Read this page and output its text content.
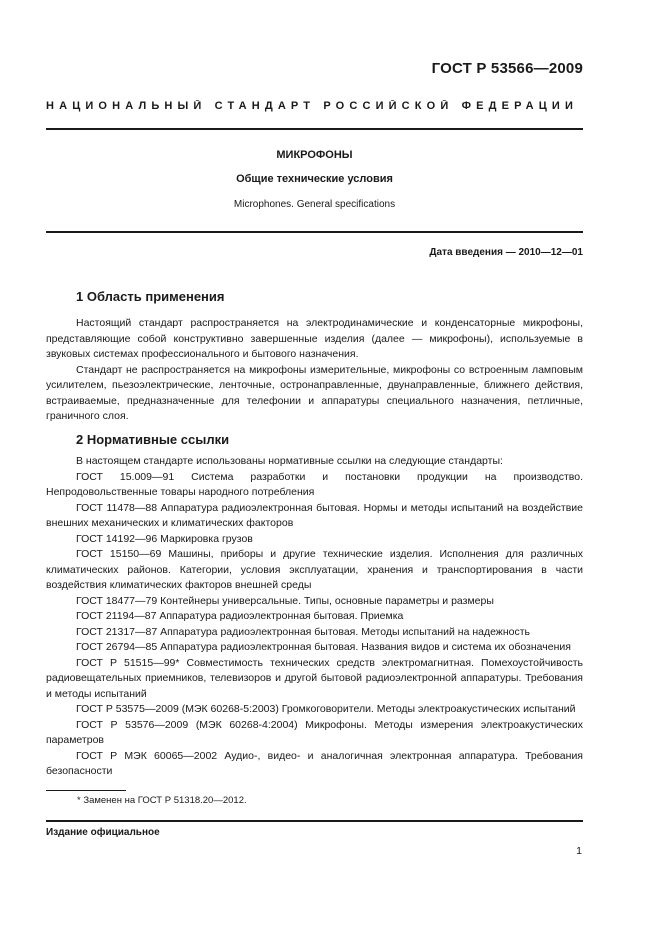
ГОСТ Р 53566—2009
НАЦИОНАЛЬНЫЙ СТАНДАРТ РОССИЙСКОЙ ФЕДЕРАЦИИ
МИКРОФОНЫ
Общие технические условия
Microphones. General specifications
Дата введения — 2010—12—01
1 Область применения

Настоящий стандарт распространяется на электродинамические и конденсаторные микрофоны, представляющие собой конструктивно завершенные изделия (далее — микрофоны), используемые в звуковых системах профессионального и бытового назначения.

Стандарт не распространяется на микрофоны измерительные, микрофоны со встроенным ламповым усилителем, пьезоэлектрические, ленточные, остронаправленные, двунаправленные, ближнего действия, встраиваемые, предназначенные для телефонии и аппаратуры специального назначения, петличные, граничного слоя.

2 Нормативные ссылки

В настоящем стандарте использованы нормативные ссылки на следующие стандарты:

ГОСТ 15.009—91 Система разработки и постановки продукции на производство. Непродовольственные товары народного потребления

ГОСТ 11478—88 Аппаратура радиоэлектронная бытовая. Нормы и методы испытаний на воздействие внешних механических и климатических факторов

ГОСТ 14192—96 Маркировка грузов

ГОСТ 15150—69 Машины, приборы и другие технические изделия. Исполнения для различных климатических районов. Категории, условия эксплуатации, хранения и транспортирования в части воздействия климатических факторов внешней среды

ГОСТ 18477—79 Контейнеры универсальные. Типы, основные параметры и размеры

ГОСТ 21194—87 Аппаратура радиоэлектронная бытовая. Приемка

ГОСТ 21317—87 Аппаратура радиоэлектронная бытовая. Методы испытаний на надежность

ГОСТ 26794—85 Аппаратура радиоэлектронная бытовая. Названия видов и система их обозначения

ГОСТ Р 51515—99* Совместимость технических средств электромагнитная. Помехоустойчивость радиовещательных приемников, телевизоров и другой бытовой радиоэлектронной аппаратуры. Требования и методы испытаний

ГОСТ Р 53575—2009 (МЭК 60268-5:2003) Громкоговорители. Методы электроакустических испытаний

ГОСТ Р 53576—2009 (МЭК 60268-4:2004) Микрофоны. Методы измерения электроакустических параметров

ГОСТ Р МЭК 60065—2002 Аудио-, видео- и аналогичная электронная аппаратура. Требования безопасности

* Заменен на ГОСТ Р 51318.20—2012.
Издание официальное
1
